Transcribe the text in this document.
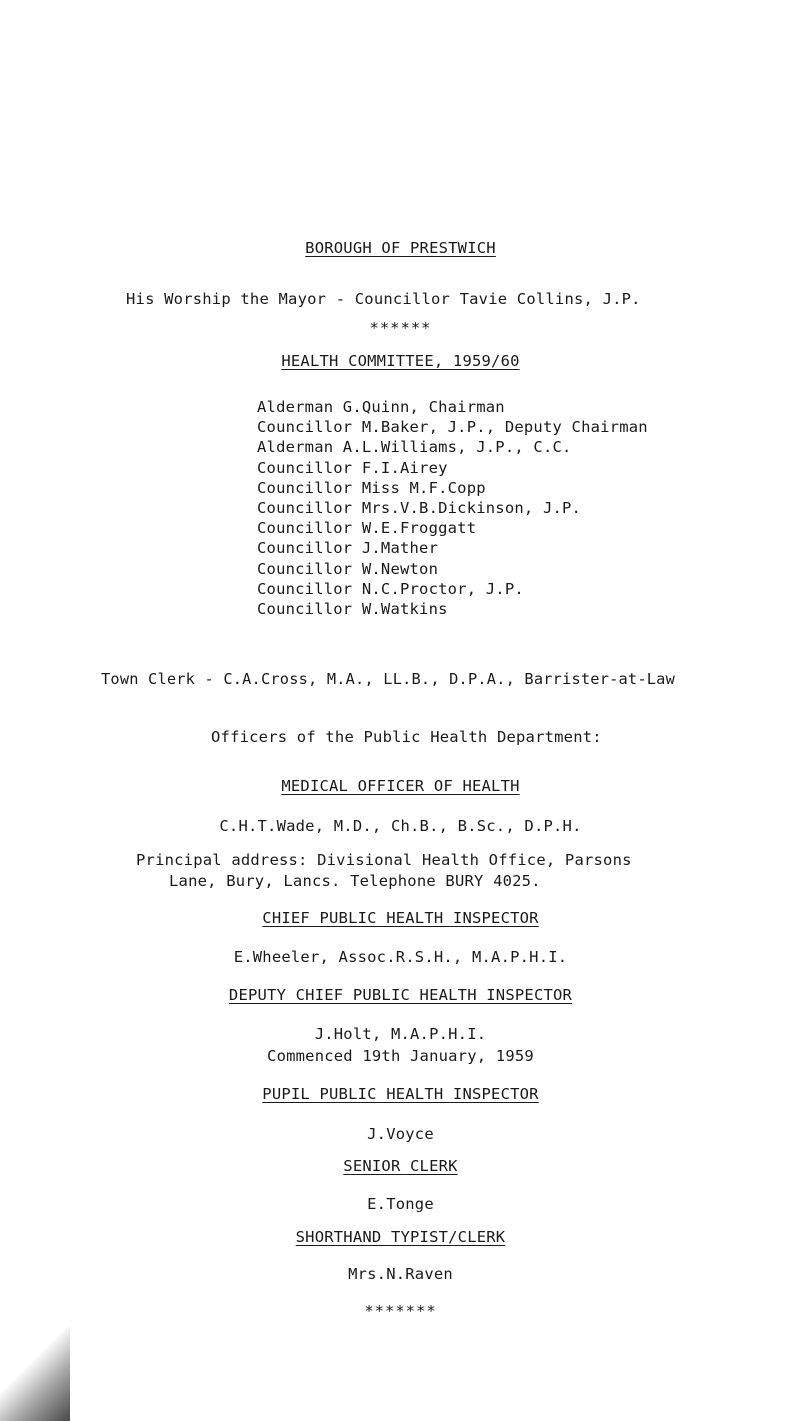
BOROUGH OF PRESTWICH
His Worship the Mayor - Councillor Tavie Collins, J.P.
******
HEALTH COMMITTEE, 1959/60
Alderman G.Quinn, Chairman
Councillor M.Baker, J.P., Deputy Chairman
Alderman A.L.Williams, J.P., C.C.
Councillor F.I.Airey
Councillor Miss M.F.Copp
Councillor Mrs.V.B.Dickinson, J.P.
Councillor W.E.Froggatt
Councillor J.Mather
Councillor W.Newton
Councillor N.C.Proctor, J.P.
Councillor W.Watkins
Town Clerk - C.A.Cross, M.A., LL.B., D.P.A., Barrister-at-Law
Officers of the Public Health Department:
MEDICAL OFFICER OF HEALTH
C.H.T.Wade, M.D., Ch.B., B.Sc., D.P.H.
Principal address: Divisional Health Office, Parsons
Lane, Bury, Lancs. Telephone BURY 4025.
CHIEF PUBLIC HEALTH INSPECTOR
E.Wheeler, Assoc.R.S.H., M.A.P.H.I.
DEPUTY CHIEF PUBLIC HEALTH INSPECTOR
J.Holt, M.A.P.H.I.
Commenced 19th January, 1959
PUPIL PUBLIC HEALTH INSPECTOR
J.Voyce
SENIOR CLERK
E.Tonge
SHORTHAND TYPIST/CLERK
Mrs.N.Raven
*******
